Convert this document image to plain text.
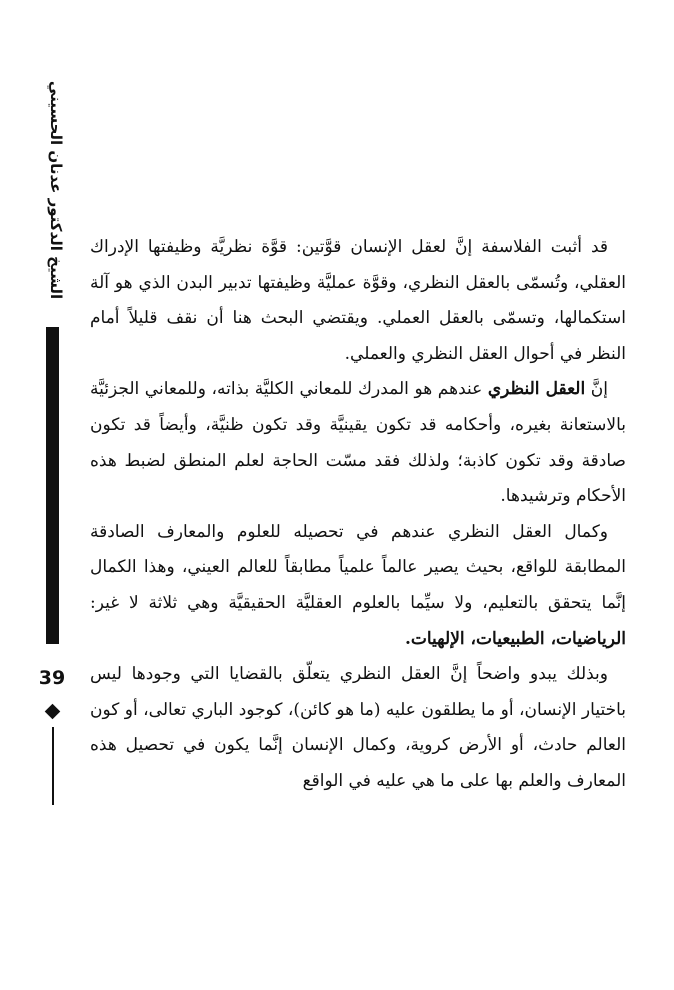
الشيخ الدكتور عدنان الحسيني
39

قد أثبت الفلاسفة إنَّ لعقل الإنسان قوَّتين: قوَّة نظريَّة وظيفتها الإدراك العقلي، وتُسمّى بالعقل النظري، وقوَّة عمليَّة وظيفتها تدبير البدن الذي هو آلة استكمالها، وتسمّى بالعقل العملي. ويقتضي البحث هنا أن نقف قليلاً أمام النظر في أحوال العقل النظري والعملي.

إنَّ العقل النظري عندهم هو المدرك للمعاني الكليَّة بذاته، وللمعاني الجزئيَّة بالاستعانة بغيره، وأحكامه قد تكون يقينيَّة وقد تكون ظنيَّة، وأيضاً قد تكون صادقة وقد تكون كاذبة؛ ولذلك فقد مسّت الحاجة لعلم المنطق لضبط هذه الأحكام وترشيدها.

وكمال العقل النظري عندهم في تحصيله للعلوم والمعارف الصادقة المطابقة للواقع، بحيث يصير عالماً علمياً مطابقاً للعالم العيني، وهذا الكمال إنَّما يتحقق بالتعليم، ولا سيِّما بالعلوم العقليَّة الحقيقيَّة وهي ثلاثة لا غير: الرياضيات، الطبيعيات، الإلهيات.

وبذلك يبدو واضحاً إنَّ العقل النظري يتعلّق بالقضايا التي وجودها ليس باختيار الإنسان، أو ما يطلقون عليه (ما هو كائن)، كوجود الباري تعالى، أو كون العالم حادث، أو الأرض كروية، وكمال الإنسان إنَّما يكون في تحصيل هذه المعارف والعلم بها على ما هي عليه في الواقع
